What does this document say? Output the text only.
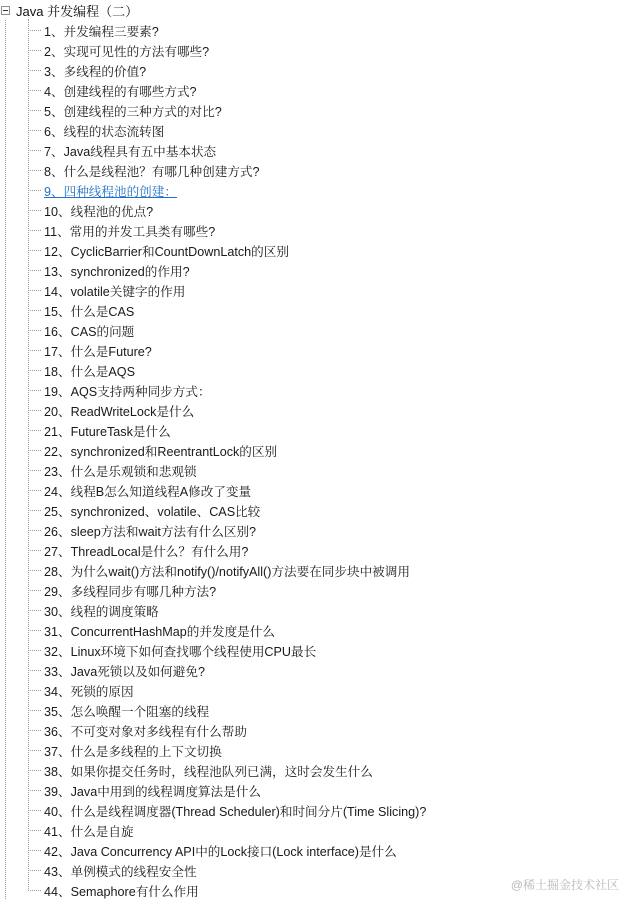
Java 并发编程（二）
1、并发编程三要素?
2、实现可见性的方法有哪些?
3、多线程的价值?
4、创建线程的有哪些方式?
5、创建线程的三种方式的对比?
6、线程的状态流转图
7、Java线程具有五中基本状态
8、什么是线程池？有哪几种创建方式?
9、四种线程池的创建：
10、线程池的优点?
11、常用的并发工具类有哪些?
12、CyclicBarrier和CountDownLatch的区别
13、synchronized的作用?
14、volatile关键字的作用
15、什么是CAS
16、CAS的问题
17、什么是Future?
18、什么是AQS
19、AQS支持两种同步方式：
20、ReadWriteLock是什么
21、FutureTask是什么
22、synchronized和ReentrantLock的区别
23、什么是乐观锁和悲观锁
24、线程B怎么知道线程A修改了变量
25、synchronized、volatile、CAS比较
26、sleep方法和wait方法有什么区别?
27、ThreadLocal是什么？有什么用?
28、为什么wait()方法和notify()/notifyAll()方法要在同步块中被调用
29、多线程同步有哪几种方法?
30、线程的调度策略
31、ConcurrentHashMap的并发度是什么
32、Linux环境下如何查找哪个线程使用CPU最长
33、Java死锁以及如何避免?
34、死锁的原因
35、怎么唤醒一个阻塞的线程
36、不可变对象对多线程有什么帮助
37、什么是多线程的上下文切换
38、如果你提交任务时，线程池队列已满，这时会发生什么
39、Java中用到的线程调度算法是什么
40、什么是线程调度器(Thread Scheduler)和时间分片(Time Slicing)?
41、什么是自旋
42、Java Concurrency API中的Lock接口(Lock interface)是什么
43、单例模式的线程安全性
44、Semaphore有什么作用	@稀土掘金技术社区
